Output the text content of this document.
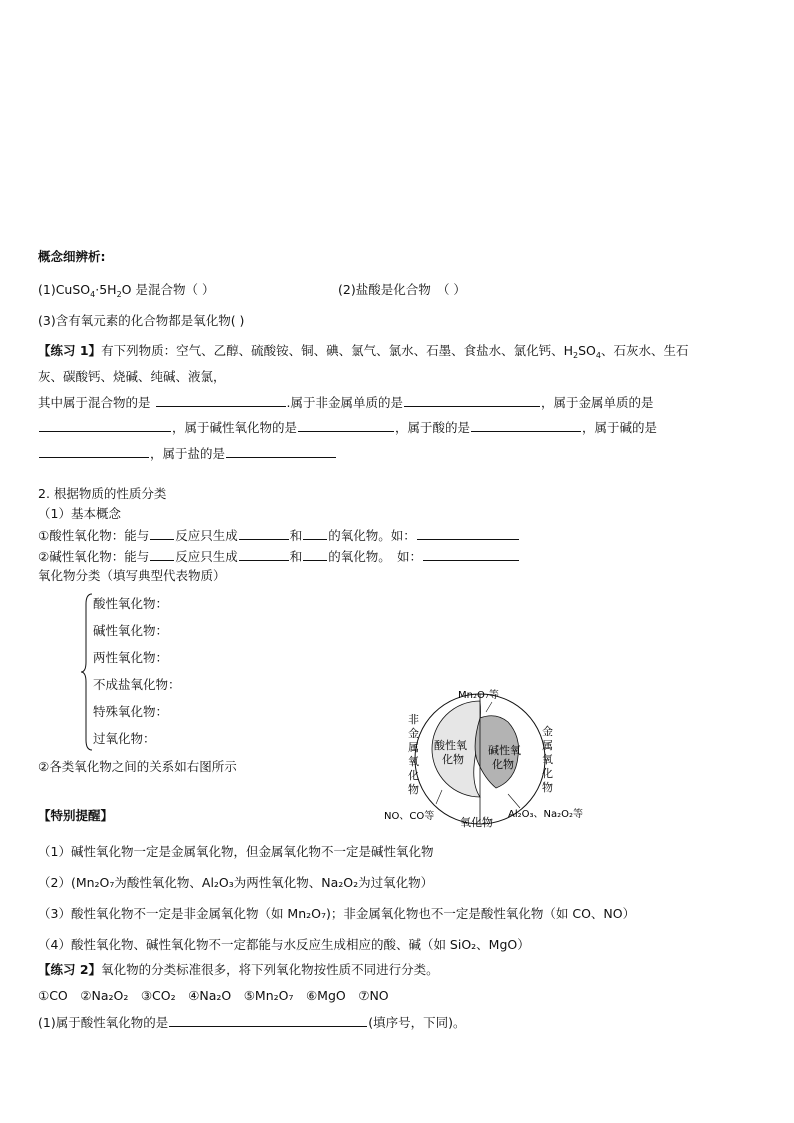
概念细辨析:
$(1)CuSO_4\cdot 5H_2O$ 是混合物（ ）	(2)盐酸是化合物　（ ）
(3)含有氧元素的化合物都是氧化物( )
【练习 1】有下列物质：空气、乙醇、硫酸铵、铜、碘、氯气、氯水、石墨、食盐水、氯化钙、$H_2SO_4$、石灰水、生石
灰、碳酸钙、烧碱、纯碱、液氯，
其中属于混合物的是	.属于非金属单质的是	，属于金属单质的是
，属于碱性氧化物的是	，属于酸的是	，属于碱的是
，属于盐的是
2. 根据物质的性质分类
（1）基本概念
①酸性氧化物：能与 反应只生成	和 的氧化物。如：
②碱性氧化物：能与 反应只生成	和 的氧化物。　如：
氧化物分类（填写典型代表物质）
酸性氧化物：
碱性氧化物：
两性氧化物：
不成盐氧化物：
特殊氧化物：
过氧化物：
②各类氧化物之间的关系如右图所示
Mn₂O₇等
非
金
属
氧
化
物
金
属
氧
化
物
酸性氧
化物
碱性氧
化物
NO、CO等 氧化物
Al₂O₃、Na₂O₂等
【特别提醒】
（1）碱性氧化物一定是金属氧化物，但金属氧化物不一定是碱性氧化物
（2）(Mn₂O₇为酸性氧化物、Al₂O₃为两性氧化物、Na₂O₂为过氧化物）
（3）酸性氧化物不一定是非金属氧化物（如 Mn₂O₇)；非金属氧化物也不一定是酸性氧化物（如 CO、NO）
（4）酸性氧化物、碱性氧化物不一定都能与水反应生成相应的酸、碱（如 SiO₂、MgO）
【练习 2】氧化物的分类标准很多，将下列氧化物按性质不同进行分类。
①CO　②Na₂O₂　③CO₂　④Na₂O　⑤Mn₂O₇　⑥MgO　⑦NO
(1)属于酸性氧化物的是	(填序号，下同)。
